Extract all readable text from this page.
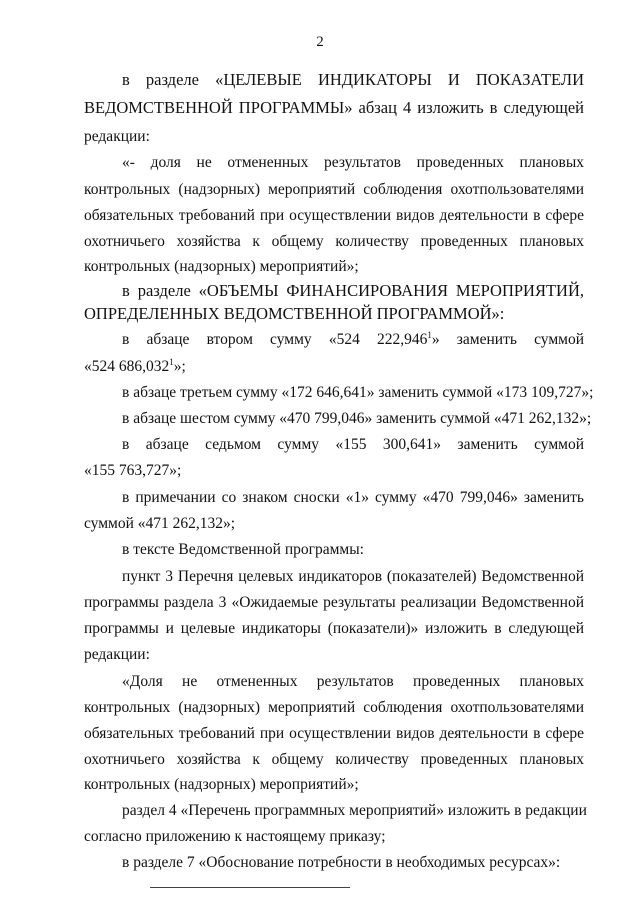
2
в разделе «ЦЕЛЕВЫЕ ИНДИКАТОРЫ И ПОКАЗАТЕЛИ
ВЕДОМСТВЕННОЙ ПРОГРАММЫ» абзац 4 изложить в следующей
редакции:
«- доля не отмененных результатов проведенных плановых
контрольных (надзорных) мероприятий соблюдения охотпользователями
обязательных требований при осуществлении видов деятельности в сфере
охотничьего хозяйства к общему количеству проведенных плановых
контрольных (надзорных) мероприятий»;
в разделе «ОБЪЕМЫ ФИНАНСИРОВАНИЯ МЕРОПРИЯТИЙ,
ОПРЕДЕЛЕННЫХ ВЕДОМСТВЕННОЙ ПРОГРАММОЙ»:
в абзаце втором сумму «524 222,946$^1$» заменить суммой
«524 686,032$^1$»;
в абзаце третьем сумму «172 646,641» заменить суммой «173 109,727»;
в абзаце шестом сумму «470 799,046» заменить суммой «471 262,132»;
в абзаце седьмом сумму «155 300,641» заменить суммой
«155 763,727»;
в примечании со знаком сноски «1» сумму «470 799,046» заменить
суммой «471 262,132»;
в тексте Ведомственной программы:
пункт 3 Перечня целевых индикаторов (показателей) Ведомственной
программы раздела 3 «Ожидаемые результаты реализации Ведомственной
программы и целевые индикаторы (показатели)» изложить в следующей
редакции:
«Доля не отмененных результатов проведенных плановых
контрольных (надзорных) мероприятий соблюдения охотпользователями
обязательных требований при осуществлении видов деятельности в сфере
охотничьего хозяйства к общему количеству проведенных плановых
контрольных (надзорных) мероприятий»;
раздел 4 «Перечень программных мероприятий» изложить в редакции
согласно приложению к настоящему приказу;
в разделе 7 «Обоснование потребности в необходимых ресурсах»:
